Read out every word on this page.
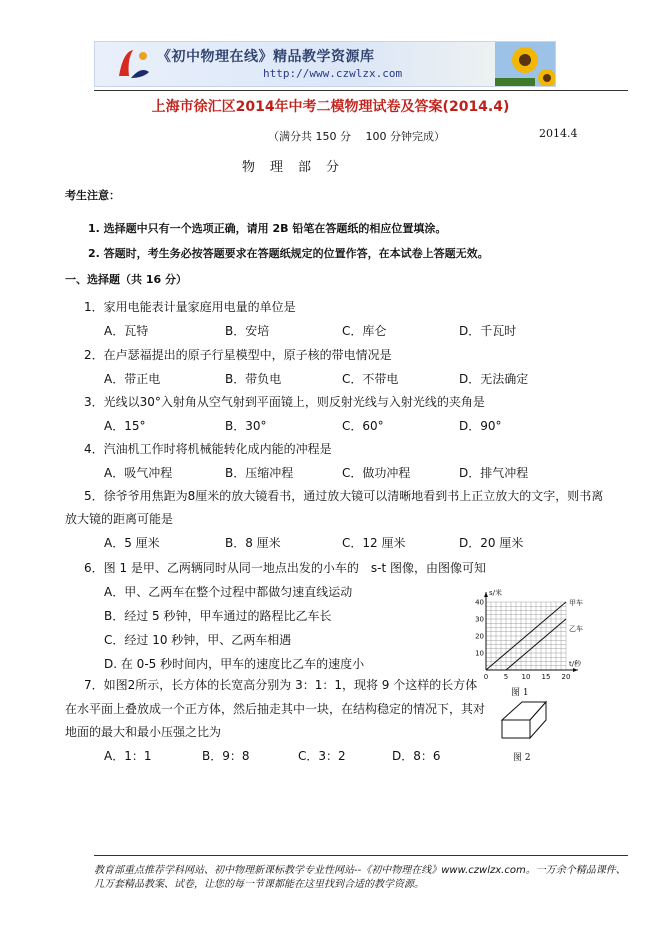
《初中物理在线》精品教学资源库
http://www.czwlzx.com
上海市徐汇区2014年中考二模物理试卷及答案(2014.4)
（满分共 150 分　 100 分钟完成）	2014.4
物　理　部　分
考生注意：
1. 选择题中只有一个选项正确，请用 2B 铅笔在答题纸的相应位置填涂。
2. 答题时，考生务必按答题要求在答题纸规定的位置作答，在本试卷上答题无效。
一、选择题（共 16 分）
1．家用电能表计量家庭用电量的单位是
A．瓦特	B．安培	C．库仑	D．千瓦时
2．在卢瑟福提出的原子行星模型中，原子核的带电情况是
A．带正电	B．带负电	C．不带电	D．无法确定
3．光线以30°入射角从空气射到平面镜上，则反射光线与入射光线的夹角是
A．15°	B．30°	C．60°	D．90°
4．汽油机工作时将机械能转化成内能的冲程是
A．吸气冲程	B．压缩冲程	C．做功冲程	D．排气冲程
5．徐爷爷用焦距为8厘米的放大镜看书，通过放大镜可以清晰地看到书上正立放大的文字，则书离
放大镜的距离可能是
A．5 厘米	B．8 厘米	C．12 厘米	D．20 厘米
6．图 1 是甲、乙两辆同时从同一地点出发的小车的　s-t 图像，由图像可知
A．甲、乙两车在整个过程中都做匀速直线运动
B．经过 5 秒钟，甲车通过的路程比乙车长
C．经过 10 秒钟，甲、乙两车相遇
D. 在 0-5 秒时间内，甲车的速度比乙车的速度小
40
30
20
10
0 5 10 15 20
s/米
t/秒
甲车
乙车
图 1
7．如图2所示，长方体的长宽高分别为 3：1：1，现将 9 个这样的长方体
在水平面上叠放成一个正方体，然后抽走其中一块，在结构稳定的情况下，其对
地面的最大和最小压强之比为
A．1：1	B．9：8	C．3：2	D．8：6	图 2
教育部重点推荐学科网站、初中物理新课标教学专业性网站--《初中物理在线》www.czwlzx.com。一万余个精品课件、
几万套精品教案、试卷，让您的每一节课都能在这里找到合适的教学资源。
